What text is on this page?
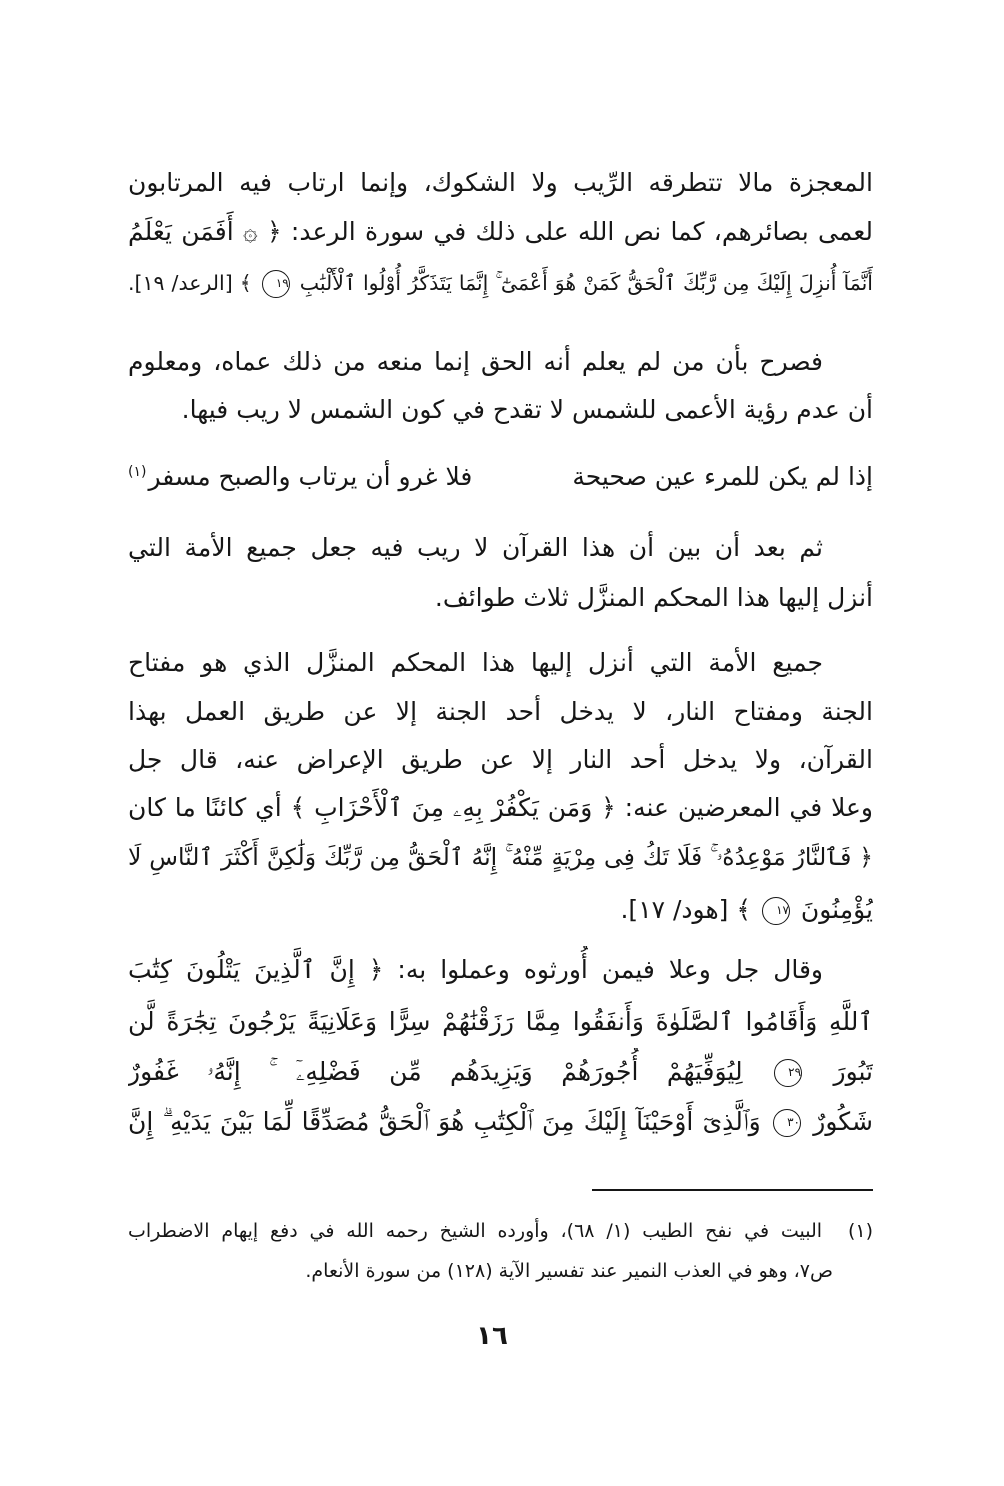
المعجزة مالا تتطرقه الرِّيب ولا الشكوك، وإنما ارتاب فيه المرتابون
لعمى بصائرهم، كما نص الله على ذلك في سورة الرعد: ﴿ ۞ أَفَمَن يَعْلَمُ
أَنَّمَآ أُنزِلَ إِلَيْكَ مِن رَّبِّكَ ٱلْحَقُّ كَمَنْ هُوَ أَعْمَىٰٓ ۚ إِنَّمَا يَتَذَكَّرُ أُوْلُوا ٱلْأَلْبَٰبِ ١٩ ﴾ [الرعد/ ١٩].
فصرح بأن من لم يعلم أنه الحق إنما منعه من ذلك عماه، ومعلوم
أن عدم رؤية الأعمى للشمس لا تقدح في كون الشمس لا ريب فيها.
إذا لم يكن للمرء عين صحيحة
فلا غرو أن يرتاب والصبح مسفر$^{(١)}$
ثم بعد أن بين أن هذا القرآن لا ريب فيه جعل جميع الأمة التي
أنزل إليها هذا المحكم المنزَّل ثلاث طوائف.
جميع الأمة التي أنزل إليها هذا المحكم المنزَّل الذي هو مفتاح
الجنة ومفتاح النار، لا يدخل أحد الجنة إلا عن طريق العمل بهذا
القرآن، ولا يدخل أحد النار إلا عن طريق الإعراض عنه، قال جل
وعلا في المعرضين عنه: ﴿ وَمَن يَكْفُرْ بِهِۦ مِنَ ٱلْأَحْزَابِ ﴾ أي كائنًا ما كان
﴿ فَٱلنَّارُ مَوْعِدُهُۥ ۚ فَلَا تَكُ فِى مِرْيَةٍ مِّنْهُ ۚ إِنَّهُ ٱلْحَقُّ مِن رَّبِّكَ وَلَٰكِنَّ أَكْثَرَ ٱلنَّاسِ لَا
يُؤْمِنُونَ ١٧ ﴾ [هود/ ١٧].
وقال جل وعلا فيمن أُورثوه وعملوا به: ﴿ إِنَّ ٱلَّذِينَ يَتْلُونَ كِتَٰبَ
ٱللَّهِ وَأَقَامُوا ٱلصَّلَوٰةَ وَأَنفَقُوا مِمَّا رَزَقْنَٰهُمْ سِرًّا وَعَلَانِيَةً يَرْجُونَ تِجَٰرَةً لَّن
تَبُورَ ٢٩ لِيُوَفِّيَهُمْ أُجُورَهُمْ وَيَزِيدَهُم مِّن فَضْلِهِۦٓ ۚ إِنَّهُۥ غَفُورٌ
شَكُورٌ ٣٠ وَٱلَّذِىٓ أَوْحَيْنَآ إِلَيْكَ مِنَ ٱلْكِتَٰبِ هُوَ ٱلْحَقُّ مُصَدِّقًا لِّمَا بَيْنَ يَدَيْهِ ۗ إِنَّ
(١) البيت في نفح الطيب (١/ ٦٨)، وأورده الشيخ رحمه الله في دفع إيهام الاضطراب
ص٧، وهو في العذب النمير عند تفسير الآية (١٢٨) من سورة الأنعام.
١٦
